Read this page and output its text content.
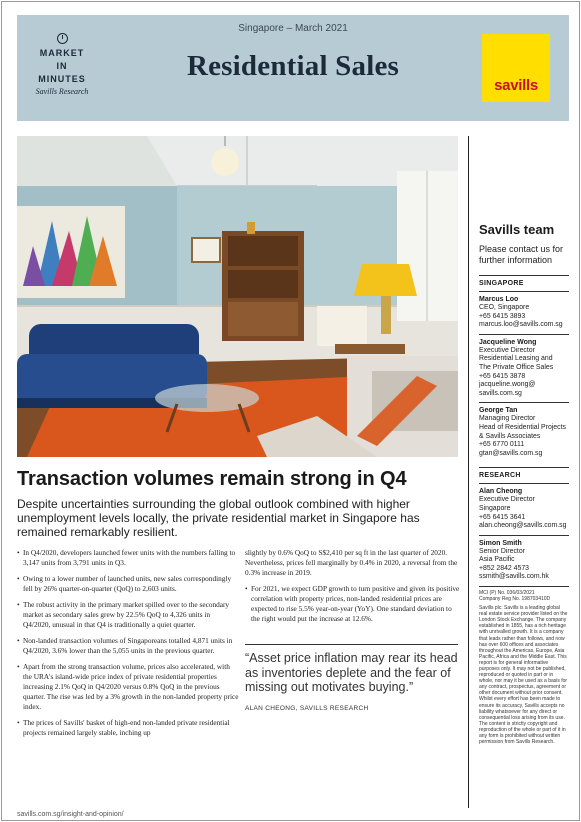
MARKET
IN
MINUTES
Savills Research
Singapore – March 2021
Residential Sales
savills
Transaction volumes remain strong in Q4
Despite uncertainties surrounding the global outlook combined with higher unemployment levels locally, the private residential market in Singapore has remained remarkably resilient.
• In Q4/2020, developers launched fewer units with the numbers falling to 3,147 units from 3,791 units in Q3.
• Owing to a lower number of launched units, new sales correspondingly fell by 26% quarter-on-quarter (QoQ) to 2,603 units.
• The robust activity in the primary market spilled over to the secondary market as secondary sales grew by 22.5% QoQ to 4,326 units in Q4/2020, unusual in that Q4 is traditionally a quiet quarter.
• Non-landed transaction volumes of Singaporeans totalled 4,871 units in Q4/2020, 3.6% lower than the 5,055 units in the previous quarter.
• Apart from the strong transaction volume, prices also accelerated, with the URA's island-wide price index of private residential properties increasing 2.1% QoQ in Q4/2020 versus 0.8% QoQ in the previous quarter. The rise was led by a 3% growth in the non-landed property price index.
• The prices of Savills' basket of high-end non-landed private residential projects remained largely stable, inching up
slightly by 0.6% QoQ to S$2,410 per sq ft in the last quarter of 2020. Nevertheless, prices fell marginally by 0.4% in 2020, a reversal from the 0.3% increase in 2019.
• For 2021, we expect GDP growth to turn positive and given its positive correlation with property prices, non-landed residential prices are expected to rise 5.5% year-on-year (YoY). One standard deviation to the right would put the increase at 12.6%.
“Asset price inflation may rear its head as inventories deplete and the fear of missing out motivates buying.”
ALAN CHEONG, SAVILLS RESEARCH
savills.com.sg/insight-and-opinion/
Savills team
Please contact us for further information
SINGAPORE
Marcus Loo
CEO, Singapore
+65 6415 3893
marcus.loo@savills.com.sg
Jacqueline Wong
Executive Director
Residential Leasing and
The Private Office Sales
+65 6415 3878
jacqueline.wong@
savills.com.sg
George Tan
Managing Director
Head of Residential Projects
& Savills Associates
+65 6770 0111
gtan@savills.com.sg
RESEARCH
Alan Cheong
Executive Director
Singapore
+65 6415 3641
alan.cheong@savills.com.sg
Simon Smith
Senior Director
Asia Pacific
+852 2842 4573
ssmith@savills.com.hk
MCI (P) No. 036/03/2021
Company Reg No. 198703410D
Savills plc: Savills is a leading global real estate service provider listed on the London Stock Exchange. The company established in 1855, has a rich heritage with unrivalled growth. It is a company that leads rather than follows, and now has over 600 offices and associates throughout the Americas, Europe, Asia Pacific, Africa and the Middle East. This report is for general informative purposes only. It may not be published, reproduced or quoted in part or in whole, nor may it be used as a basis for any contract, prospectus, agreement or other document without prior consent. Whilst every effort has been made to ensure its accuracy, Savills accepts no liability whatsoever for any direct or consequential loss arising from its use. The content is strictly copyright and reproduction of the whole or part of it in any form is prohibited without written permission from Savills Research.
